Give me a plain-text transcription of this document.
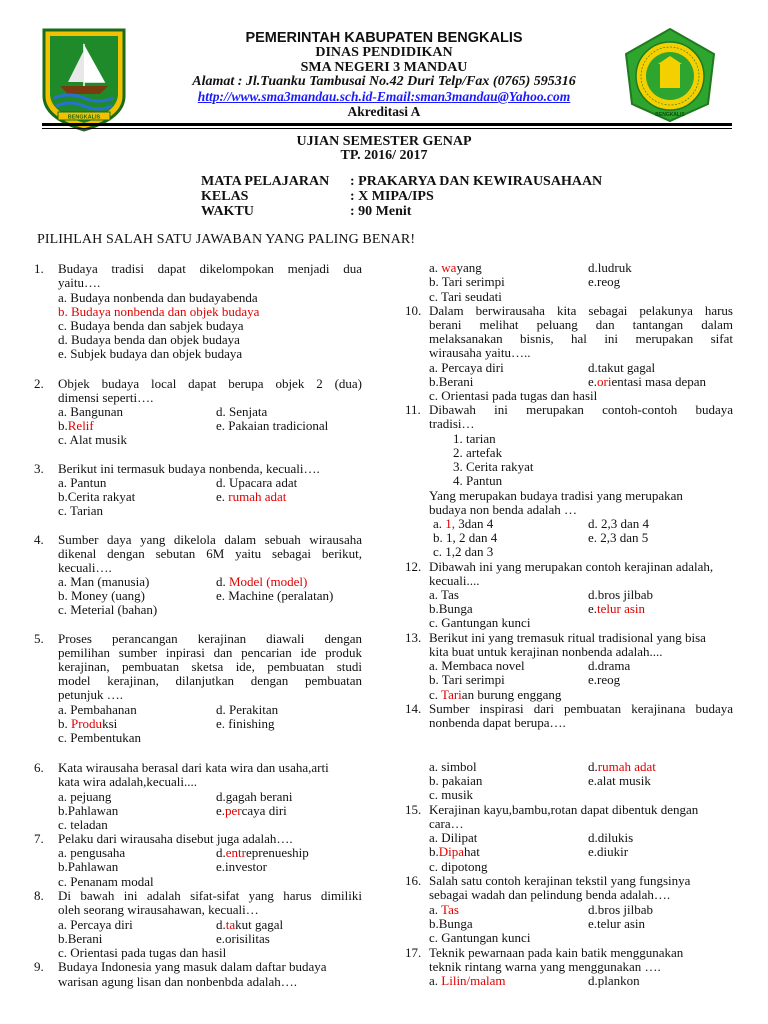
BENGKALIS	BENGKALIS
PEMERINTAH KABUPATEN BENGKALIS
DINAS PENDIDIKAN
SMA NEGERI 3 MANDAU
Alamat : Jl.Tuanku Tambusai No.42 Duri Telp/Fax (0765) 595316
http://www.sma3mandau.sch.id-Email:sman3mandau@Yahoo.com
Akreditasi A
UJIAN SEMESTER GENAP
TP. 2016/ 2017
MATA PELAJARAN : PRAKARYA DAN KEWIRAUSAHAAN
KELAS	: X MIPA/IPS
WAKTU	: 90 Menit
PILIHLAH SALAH SATU JAWABAN YANG PALING BENAR!
1. Budaya tradisi dapat dikelompokan menjadi dua
yaitu….
a. Budaya nonbenda dan budayabenda
b. Budaya nonbenda dan objek budaya
c. Budaya benda dan sabjek budaya
d. Budaya benda dan objek budaya
e. Subjek budaya dan objek budaya
2. Objek budaya local dapat berupa objek 2 (dua)
dimensi seperti….
a. Bangunan	d. Senjata
b.Relif	e. Pakaian tradicional
c. Alat musik
3. Berikut ini termasuk budaya nonbenda, kecuali….
a. Pantun	d. Upacara adat
b.Cerita rakyat	e. rumah adat
c. Tarian
4. Sumber daya yang dikelola dalam sebuah wirausaha
dikenal dengan sebutan 6M yaitu sebagai berikut,
kecuali….
a. Man (manusia)	d. Model (model)
b. Money (uang)	e. Machine (peralatan)
c. Meterial (bahan)
5. Proses perancangan kerajinan diawali dengan
pemilihan sumber inpirasi dan pencarian ide produk
kerajinan, pembuatan sketsa ide, pembuatan studi
model kerajinan, dilanjutkan dengan pembuatan
petunjuk ….
a. Pembahanan	d. Perakitan
b. Produksi	e. finishing
c. Pembentukan
6. Kata wirausaha berasal dari kata wira dan usaha,arti
kata wira adalah,kecuali....
a. pejuang	d.gagah berani
b.Pahlawan	e.percaya diri
c. teladan
7. Pelaku dari wirausaha disebut juga adalah….
a. pengusaha	d.entreprenueship
b.Pahlawan	e.investor
c. Penanam modal
8. Di bawah ini adalah sifat-sifat yang harus dimiliki
oleh seorang wirausahawan, kecuali…
a. Percaya diri	d.takut gagal
b.Berani	e.orisilitas
c. Orientasi pada tugas dan hasil
9. Budaya Indonesia yang masuk dalam daftar budaya
warisan agung lisan dan nonbenbda adalah….
a. wayang	d.ludruk
b. Tari serimpi	e.reog
c. Tari seudati
10. Dalam berwirausaha kita sebagai pelakunya harus
berani melihat peluang dan tantangan dalam
melaksanakan bisnis, hal ini merupakan sifat
wirausaha yaitu…..
a. Percaya diri	d.takut gagal
b.Berani	e.orientasi masa depan
c. Orientasi pada tugas dan hasil
11. Dibawah ini merupakan contoh-contoh budaya
tradisi…
1. tarian
2. artefak
3. Cerita rakyat
4. Pantun
Yang merupakan budaya tradisi yang merupakan
budaya non benda adalah …
a. 1, 3dan 4	d. 2,3 dan 4
b. 1, 2 dan 4	e. 2,3 dan 5
c. 1,2 dan 3
12. Dibawah ini yang merupakan contoh kerajinan adalah,
kecuali....
a. Tas	d.bros jilbab
b.Bunga	e.telur asin
c. Gantungan kunci
13. Berikut ini yang tremasuk ritual tradisional yang bisa
kita buat untuk kerajinan nonbenda adalah....
a. Membaca novel	d.drama
b. Tari serimpi	e.reog
c. Tarian burung enggang
14. Sumber inspirasi dari pembuatan kerajinana budaya
nonbenda dapat berupa….
a. simbol	d.rumah adat
b. pakaian	e.alat musik
c. musik
15. Kerajinan kayu,bambu,rotan dapat dibentuk dengan
cara…
a. Dilipat	d.dilukis
b.Dipahat	e.diukir
c. dipotong
16. Salah satu contoh kerajinan tekstil yang fungsinya
sebagai wadah dan pelindung benda adalah….
a. Tas	d.bros jilbab
b.Bunga	e.telur asin
c. Gantungan kunci
17. Teknik pewarnaan pada kain batik menggunakan
teknik rintang warna yang menggunakan ….
a. Lilin/malam	d.plankon
